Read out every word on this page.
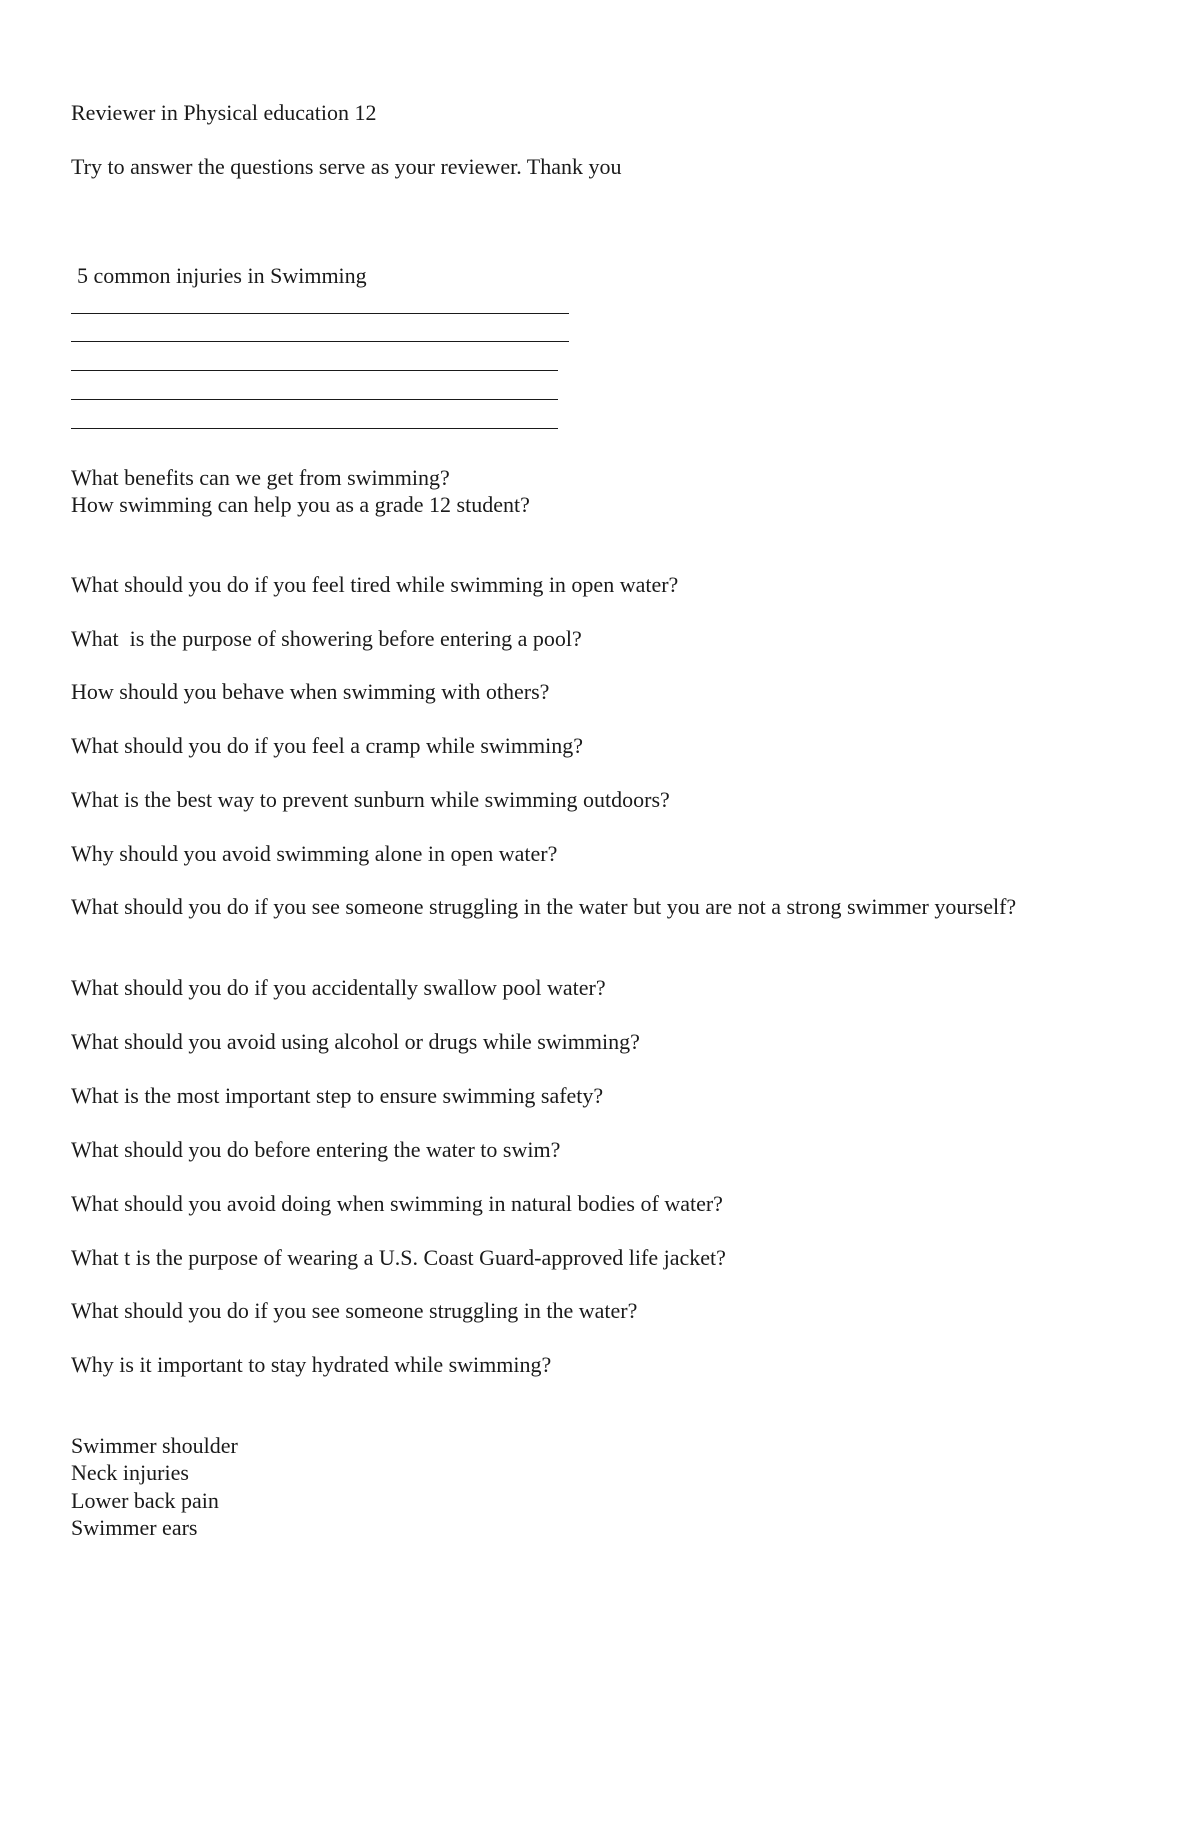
Reviewer in Physical education 12
Try to answer the questions serve as your reviewer. Thank you
5 common injuries in Swimming
What benefits can we get from swimming?
How swimming can help you as a grade 12 student?
What should you do if you feel tired while swimming in open water?
What  is the purpose of showering before entering a pool?
How should you behave when swimming with others?
What should you do if you feel a cramp while swimming?
What is the best way to prevent sunburn while swimming outdoors?
Why should you avoid swimming alone in open water?
What should you do if you see someone struggling in the water but you are not a strong swimmer yourself?
What should you do if you accidentally swallow pool water?
What should you avoid using alcohol or drugs while swimming?
What is the most important step to ensure swimming safety?
What should you do before entering the water to swim?
What should you avoid doing when swimming in natural bodies of water?
What t is the purpose of wearing a U.S. Coast Guard-approved life jacket?
What should you do if you see someone struggling in the water?
Why is it important to stay hydrated while swimming?
Swimmer shoulder
Neck injuries
Lower back pain
Swimmer ears
